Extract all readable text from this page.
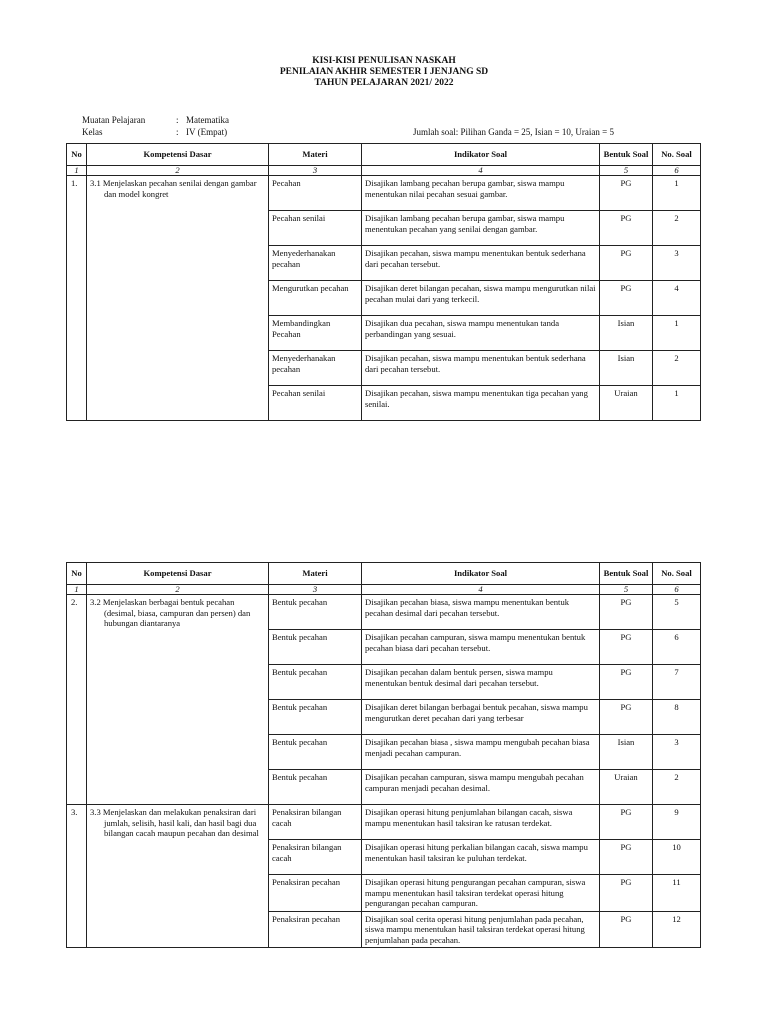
KISI-KISI PENULISAN NASKAH
PENILAIAN AKHIR SEMESTER I JENJANG SD
TAHUN PELAJARAN 2021/ 2022
Muatan Pelajaran	: Matematika
Kelas	: IV (Empat)	Jumlah soal: Pilihan Ganda = 25, Isian = 10, Uraian = 5
No	Kompetensi Dasar	Materi	Indikator Soal	Bentuk Soal	No. Soal
1	2	3	4	5	6
1.	3.1 Menjelaskan pecahan senilai dengan gambar dan model kongret	Pecahan	Disajikan lambang pecahan berupa gambar, siswa mampu menentukan nilai pecahan sesuai gambar.	PG	1
		Pecahan senilai	Disajikan lambang pecahan berupa gambar, siswa mampu menentukan pecahan yang senilai dengan gambar.	PG	2
		Menyederhanakan pecahan	Disajikan pecahan, siswa mampu menentukan bentuk sederhana dari pecahan tersebut.	PG	3
		Mengurutkan pecahan	Disajikan deret bilangan pecahan, siswa mampu mengurutkan nilai pecahan mulai dari yang terkecil.	PG	4
		Membandingkan Pecahan	Disajikan dua pecahan, siswa mampu menentukan tanda perbandingan yang sesuai.	Isian	1
		Menyederhanakan pecahan	Disajikan pecahan, siswa mampu menentukan bentuk sederhana dari pecahan tersebut.	Isian	2
		Pecahan senilai	Disajikan pecahan, siswa mampu menentukan tiga pecahan yang senilai.	Uraian	1
No	Kompetensi Dasar	Materi	Indikator Soal	Bentuk Soal	No. Soal
1	2	3	4	5	6
2.	3.2 Menjelaskan berbagai bentuk pecahan (desimal, biasa, campuran dan persen) dan hubungan diantaranya	Bentuk pecahan	Disajikan pecahan biasa, siswa mampu menentukan bentuk pecahan desimal dari pecahan tersebut.	PG	5
		Bentuk pecahan	Disajikan pecahan campuran, siswa mampu menentukan bentuk pecahan biasa dari pecahan tersebut.	PG	6
		Bentuk pecahan	Disajikan pecahan dalam bentuk persen, siswa mampu menentukan bentuk desimal dari pecahan tersebut.	PG	7
		Bentuk pecahan	Disajikan deret bilangan berbagai bentuk pecahan, siswa mampu mengurutkan deret pecahan dari yang terbesar	PG	8
		Bentuk pecahan	Disajikan pecahan biasa , siswa mampu mengubah pecahan biasa menjadi pecahan campuran.	Isian	3
		Bentuk pecahan	Disajikan pecahan campuran, siswa mampu mengubah pecahan campuran menjadi pecahan desimal.	Uraian	2
3.	3.3 Menjelaskan dan melakukan penaksiran dari jumlah, selisih, hasil kali, dan hasil bagi dua bilangan cacah maupun pecahan dan desimal	Penaksiran bilangan cacah	Disajikan operasi hitung penjumlahan bilangan cacah, siswa mampu menentukan hasil taksiran ke ratusan terdekat.	PG	9
		Penaksiran bilangan cacah	Disajikan operasi hitung perkalian bilangan cacah, siswa mampu menentukan hasil taksiran ke puluhan terdekat.	PG	10
		Penaksiran pecahan	Disajikan operasi hitung pengurangan pecahan campuran, siswa mampu menentukan hasil taksiran terdekat operasi hitung pengurangan pecahan campuran.	PG	11
		Penaksiran pecahan	Disajikan soal cerita operasi hitung penjumlahan pada pecahan, siswa mampu menentukan hasil taksiran terdekat operasi hitung penjumlahan pada pecahan.	PG	12
